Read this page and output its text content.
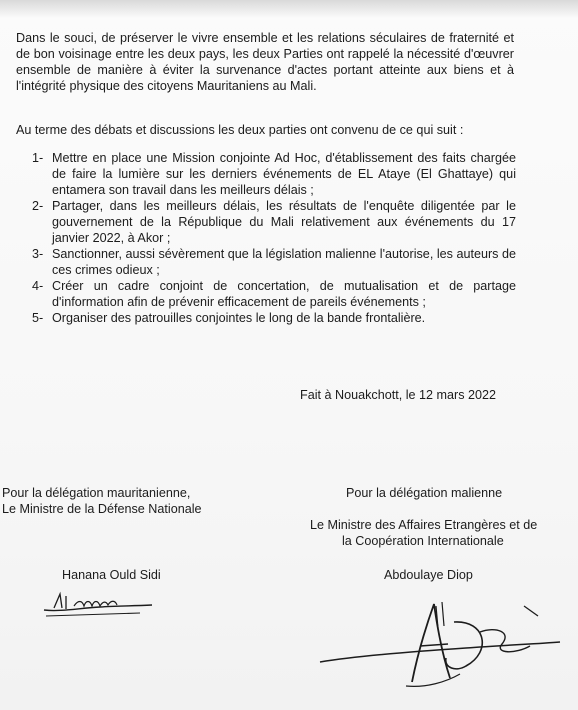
Dans le souci, de préserver le vivre ensemble et les relations séculaires de fraternité et de bon voisinage entre les deux pays, les deux Parties ont rappelé la nécessité d'œuvrer ensemble de manière à éviter la survenance d'actes portant atteinte aux biens et à l'intégrité physique des citoyens Mauritaniens au Mali.

Au terme des débats et discussions les deux parties ont convenu de ce qui suit :

1- Mettre en place une Mission conjointe Ad Hoc, d'établissement des faits chargée de faire la lumière sur les derniers événements de EL Ataye (El Ghattaye) qui entamera son travail dans les meilleurs délais ;
2- Partager, dans les meilleurs délais, les résultats de l'enquête diligentée par le gouvernement de la République du Mali relativement aux événements du 17 janvier 2022, à Akor ;
3- Sanctionner, aussi sévèrement que la législation malienne l'autorise, les auteurs de ces crimes odieux ;
4- Créer un cadre conjoint de concertation, de mutualisation et de partage d'information afin de prévenir efficacement de pareils événements ;
5- Organiser des patrouilles conjointes le long de la bande frontalière.
Fait à Nouakchott, le 12 mars 2022
Pour la délégation mauritanienne,
Le Ministre de la Défense Nationale
Pour la délégation malienne
Le Ministre des Affaires Etrangères et de
la Coopération Internationale
Hanana Ould Sidi	Abdoulaye Diop
